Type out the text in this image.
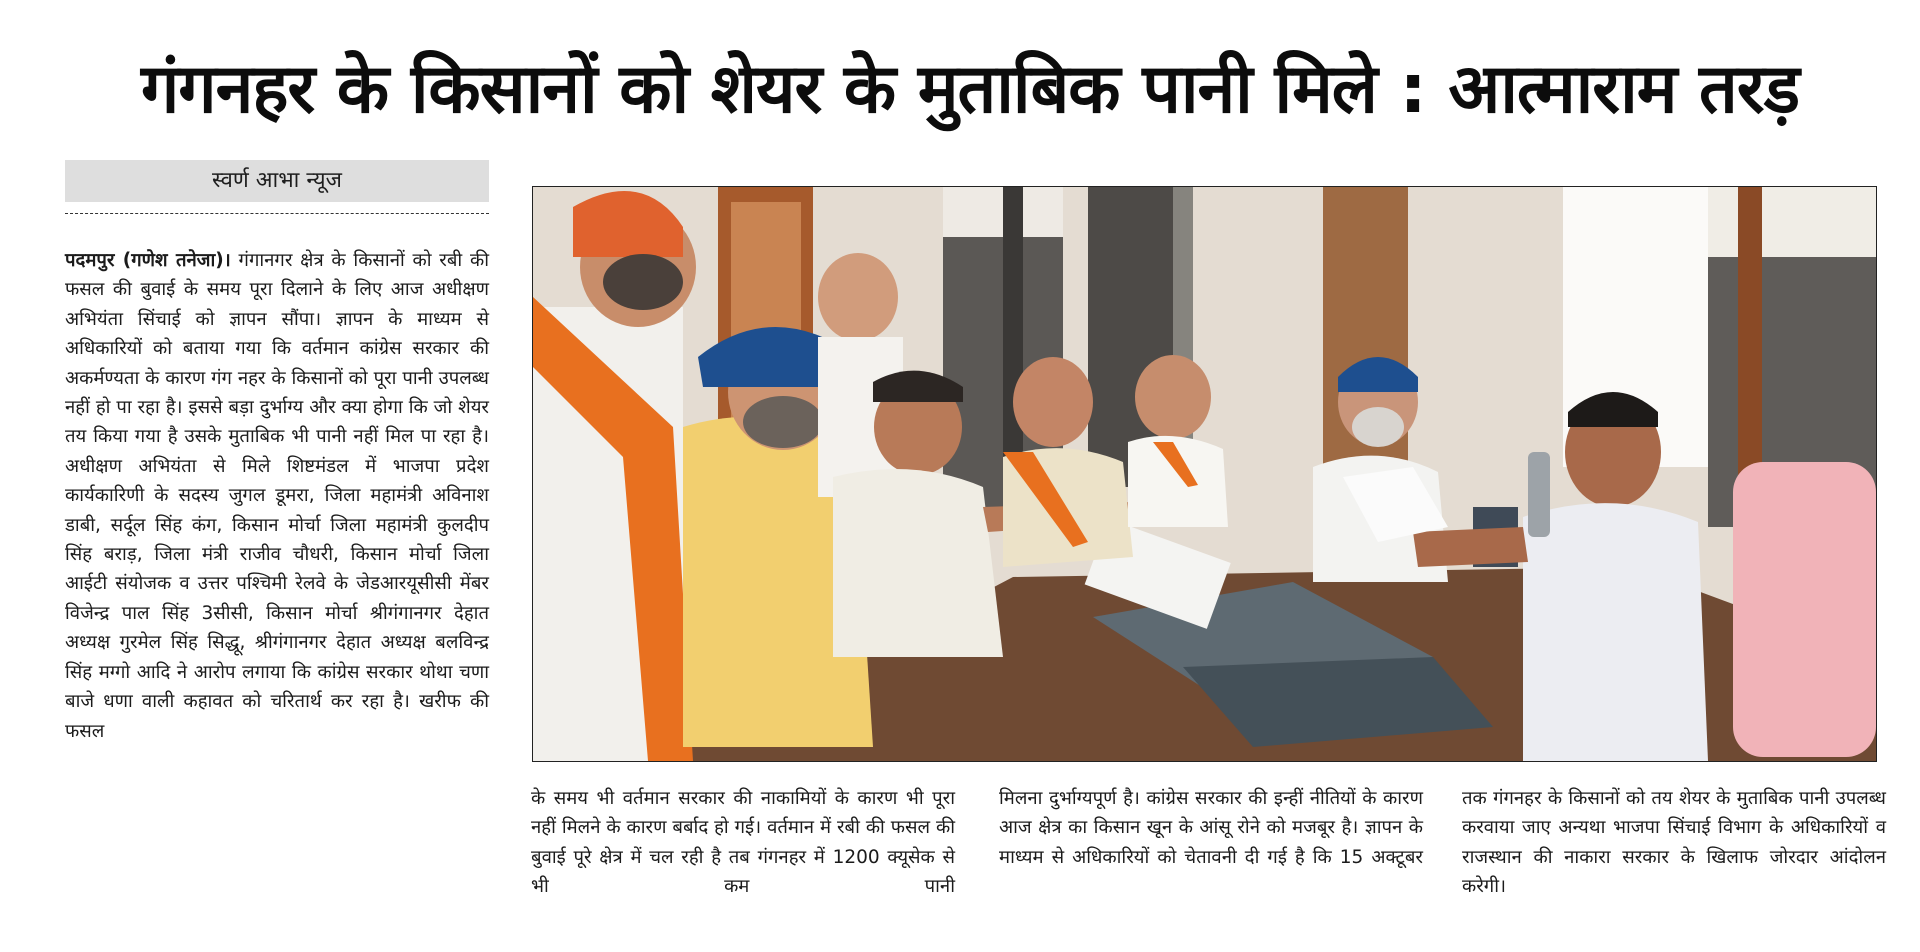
गंगनहर के किसानों को शेयर के मुताबिक पानी मिले : आत्माराम तरड़
स्वर्ण आभा न्यूज

पदमपुर (गणेश तनेजा)। गंगानगर क्षेत्र के किसानों को रबी की फसल की बुवाई के समय पूरा दिलाने के लिए आज अधीक्षण अभियंता सिंचाई को ज्ञापन सौंपा। ज्ञापन के माध्यम से अधिकारियों को बताया गया कि वर्तमान कांग्रेस सरकार की अकर्मण्यता के कारण गंग नहर के किसानों को पूरा पानी उपलब्ध नहीं हो पा रहा है। इससे बड़ा दुर्भाग्य और क्या होगा कि जो शेयर तय किया गया है उसके मुताबिक भी पानी नहीं मिल पा रहा है। अधीक्षण अभियंता से मिले शिष्टमंडल में भाजपा प्रदेश कार्यकारिणी के सदस्य जुगल डूमरा, जिला महामंत्री अविनाश डाबी, सर्दूल सिंह कंग, किसान मोर्चा जिला महामंत्री कुलदीप सिंह बराड़, जिला मंत्री राजीव चौधरी, किसान मोर्चा जिला आईटी संयोजक व उत्तर पश्चिमी रेलवे के जेडआरयूसीसी मेंबर विजेन्द्र पाल सिंह 3सीसी, किसान मोर्चा श्रीगंगानगर देहात अध्यक्ष गुरमेल सिंह सिद्धू, श्रीगंगानगर देहात अध्यक्ष बलविन्द्र सिंह मग्गो आदि ने आरोप लगाया कि कांग्रेस सरकार थोथा चणा बाजे धणा वाली कहावत को चरितार्थ कर रहा है। खरीफ की फसल

के समय भी वर्तमान सरकार की नाकामियों के कारण भी पूरा नहीं मिलने के कारण बर्बाद हो गई। वर्तमान में रबी की फसल की बुवाई पूरे क्षेत्र में चल रही है तब गंगनहर में 1200 क्यूसेक से भी कम पानी

मिलना दुर्भाग्यपूर्ण है। कांग्रेस सरकार की इन्हीं नीतियों के कारण आज क्षेत्र का किसान खून के आंसू रोने को मजबूर है। ज्ञापन के माध्यम से अधिकारियों को चेतावनी दी गई है कि 15 अक्टूबर

तक गंगनहर के किसानों को तय शेयर के मुताबिक पानी उपलब्ध करवाया जाए अन्यथा भाजपा सिंचाई विभाग के अधिकारियों व राजस्थान की नाकारा सरकार के खिलाफ जोरदार आंदोलन करेगी।
